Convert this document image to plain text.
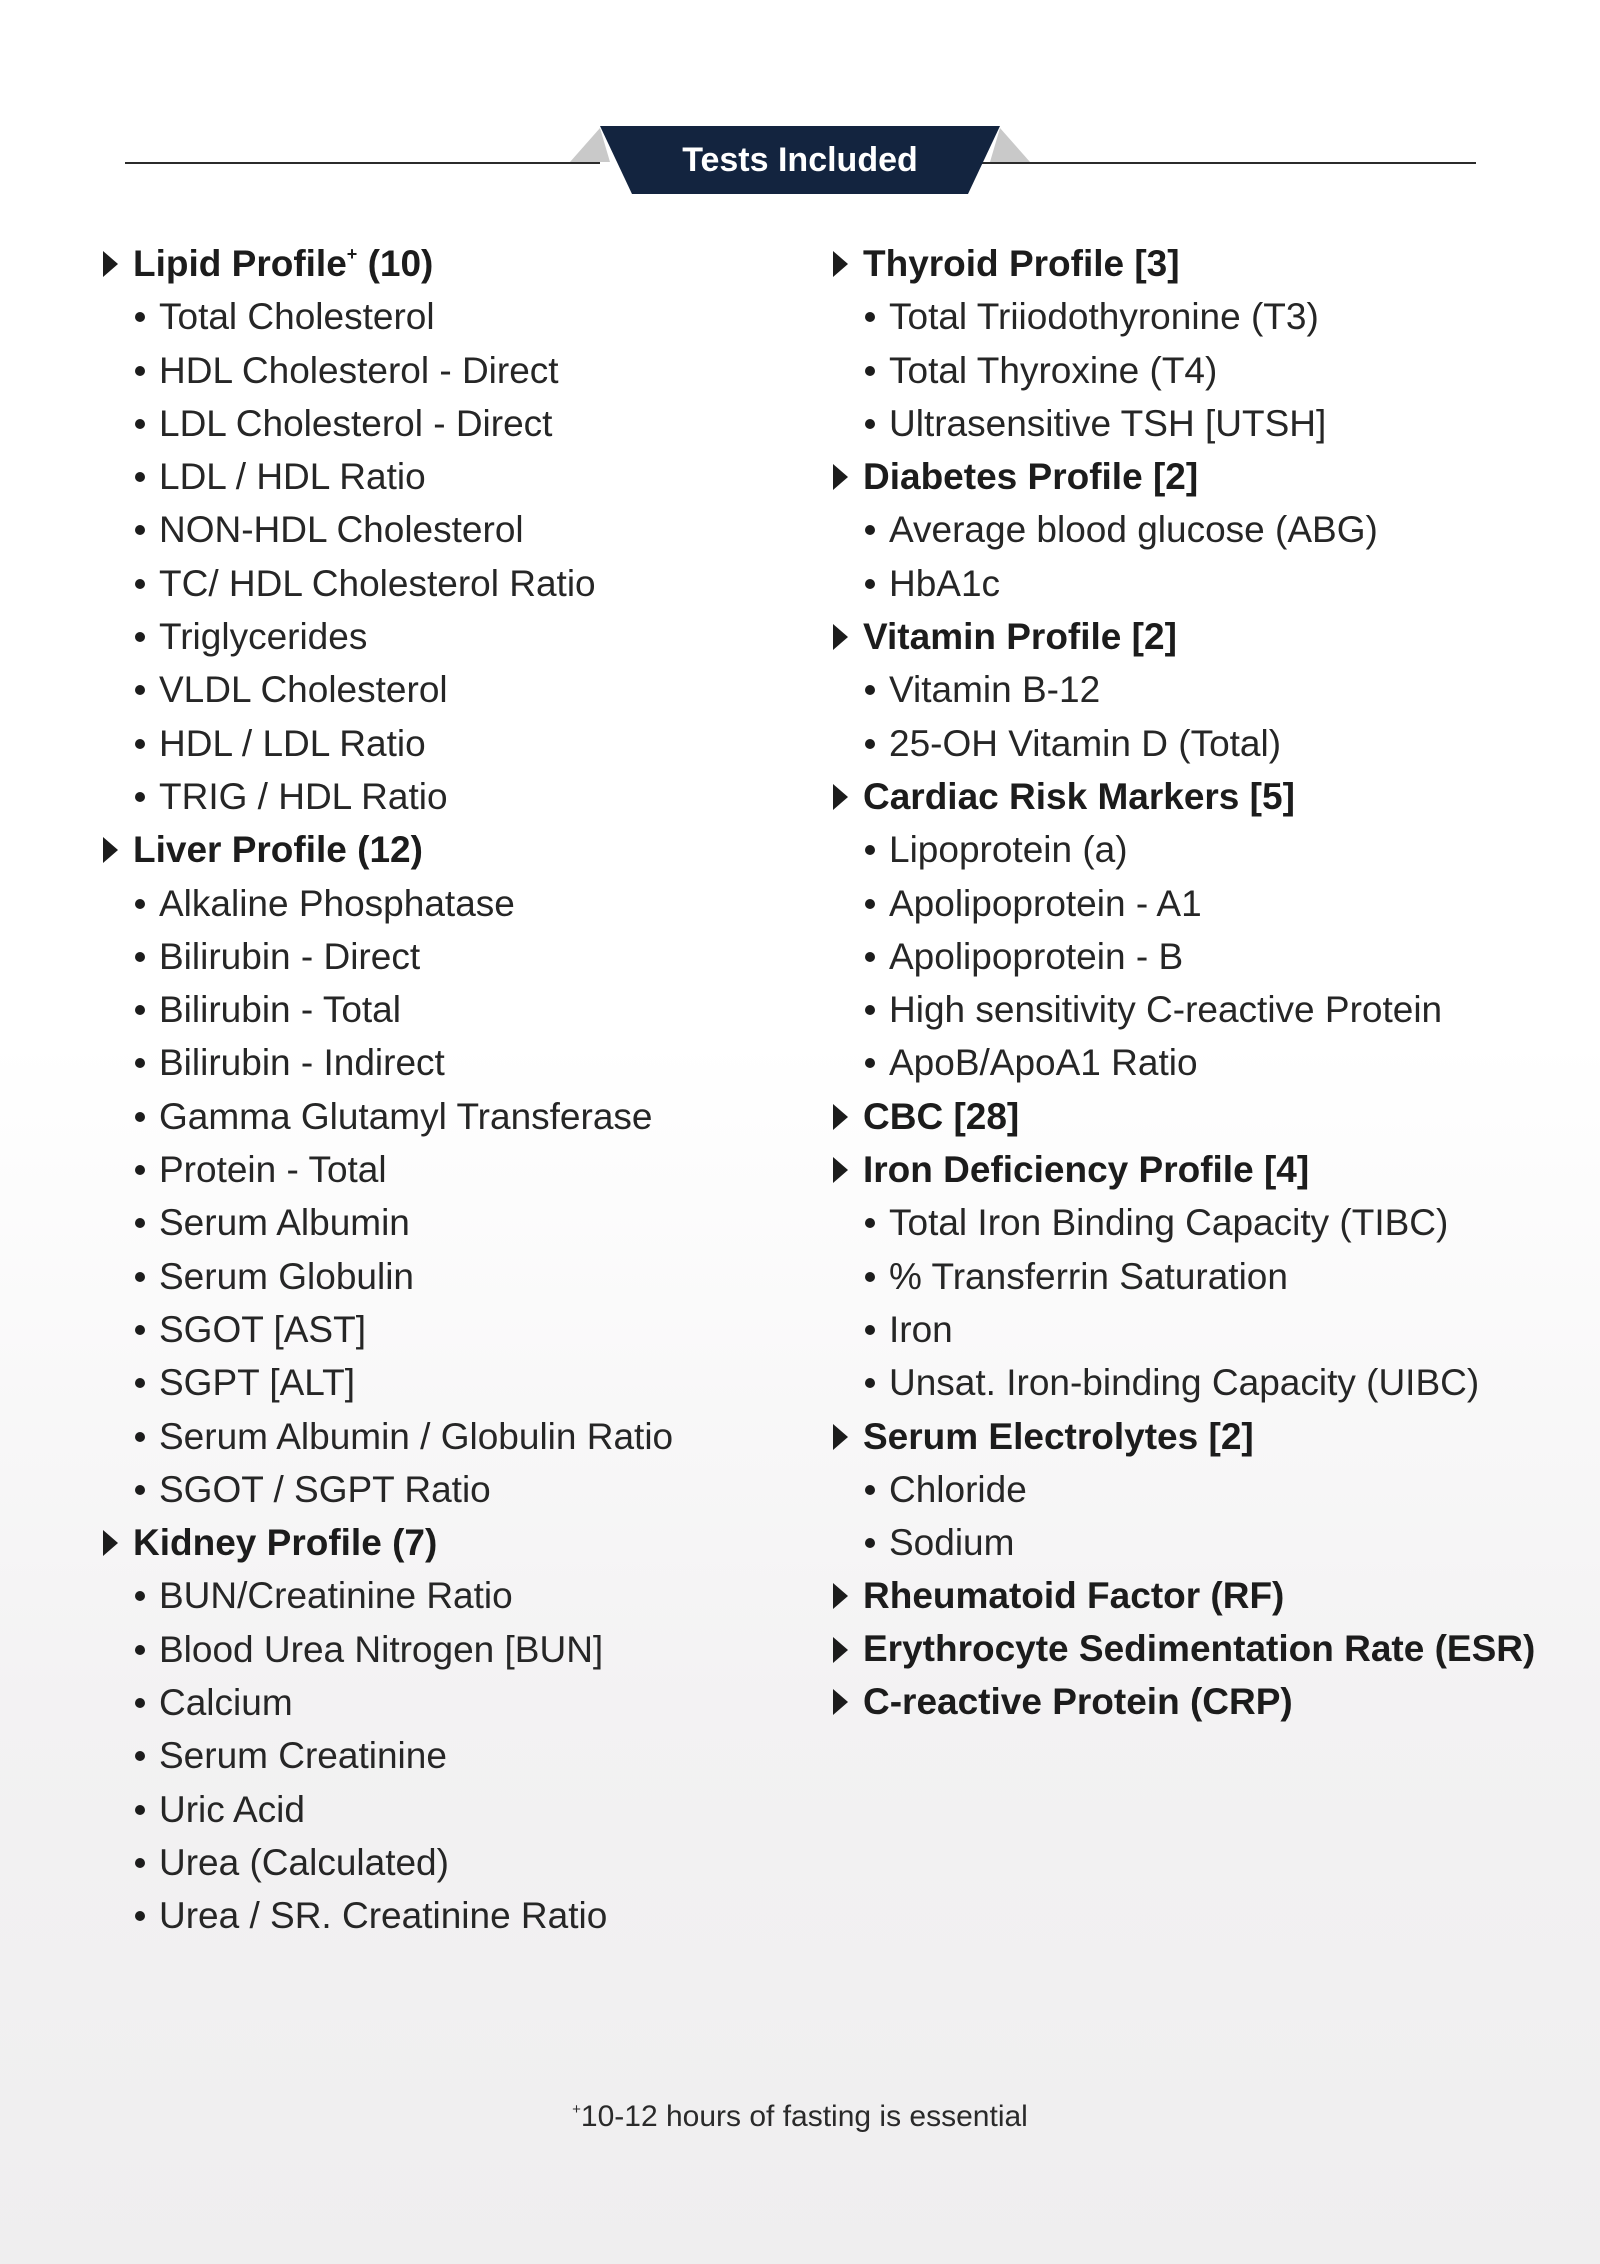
Tests Included
Lipid Profile+ (10)
Total Cholesterol
HDL Cholesterol - Direct
LDL Cholesterol - Direct
LDL / HDL Ratio
NON-HDL Cholesterol
TC/ HDL Cholesterol Ratio
Triglycerides
VLDL Cholesterol
HDL / LDL Ratio
TRIG / HDL Ratio
Liver Profile (12)
Alkaline Phosphatase
Bilirubin - Direct
Bilirubin - Total
Bilirubin - Indirect
Gamma Glutamyl Transferase
Protein - Total
Serum Albumin
Serum Globulin
SGOT [AST]
SGPT [ALT]
Serum Albumin / Globulin Ratio
SGOT / SGPT Ratio
Kidney Profile (7)
BUN/Creatinine Ratio
Blood Urea Nitrogen [BUN]
Calcium
Serum Creatinine
Uric Acid
Urea (Calculated)
Urea / SR. Creatinine Ratio
Thyroid Profile [3]
Total Triiodothyronine (T3)
Total Thyroxine (T4)
Ultrasensitive TSH [UTSH]
Diabetes Profile [2]
Average blood glucose (ABG)
HbA1c
Vitamin Profile [2]
Vitamin B-12
25-OH Vitamin D (Total)
Cardiac Risk Markers [5]
Lipoprotein (a)
Apolipoprotein - A1
Apolipoprotein - B
High sensitivity C-reactive Protein
ApoB/ApoA1 Ratio
CBC [28]
Iron Deficiency Profile [4]
Total Iron Binding Capacity (TIBC)
% Transferrin Saturation
Iron
Unsat. Iron-binding Capacity (UIBC)
Serum Electrolytes [2]
Chloride
Sodium
Rheumatoid Factor (RF)
Erythrocyte Sedimentation Rate (ESR)
C-reactive Protein (CRP)
+10-12 hours of fasting is essential
